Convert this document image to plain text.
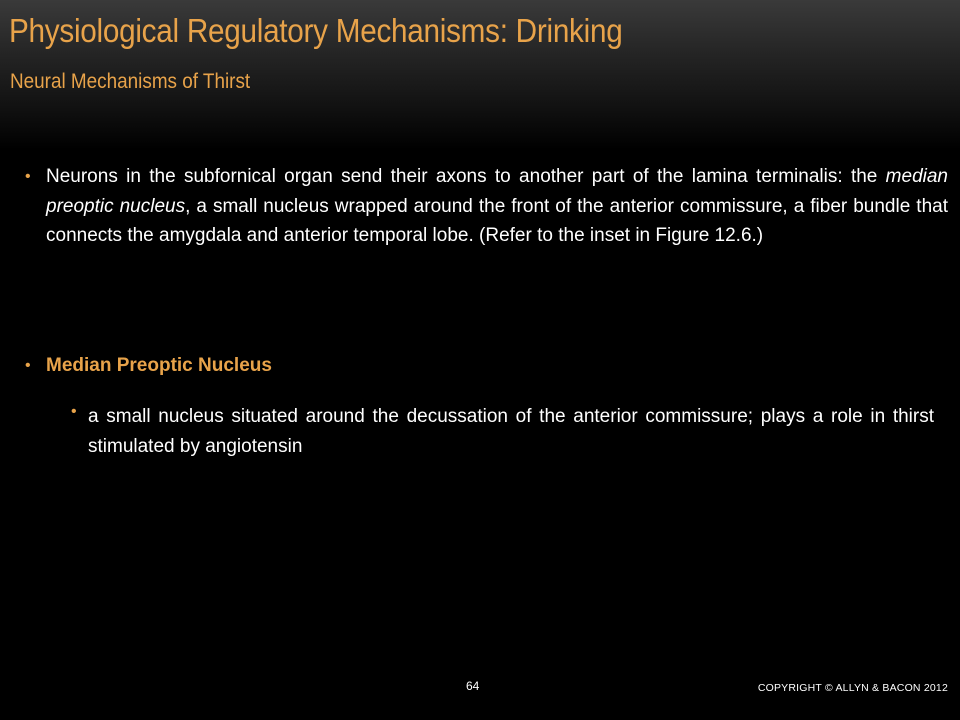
Physiological Regulatory Mechanisms: Drinking
Neural Mechanisms of Thirst
• Neurons in the subfornical organ send their axons to another part of the lamina terminalis: the median preoptic nucleus, a small nucleus wrapped around the front of the anterior commissure, a fiber bundle that connects the amygdala and anterior temporal lobe. (Refer to the inset in Figure 12.6.)
• Median Preoptic Nucleus
• a small nucleus situated around the decussation of the anterior commissure; plays a role in thirst stimulated by angiotensin
64	COPYRIGHT © ALLYN & BACON 2012
